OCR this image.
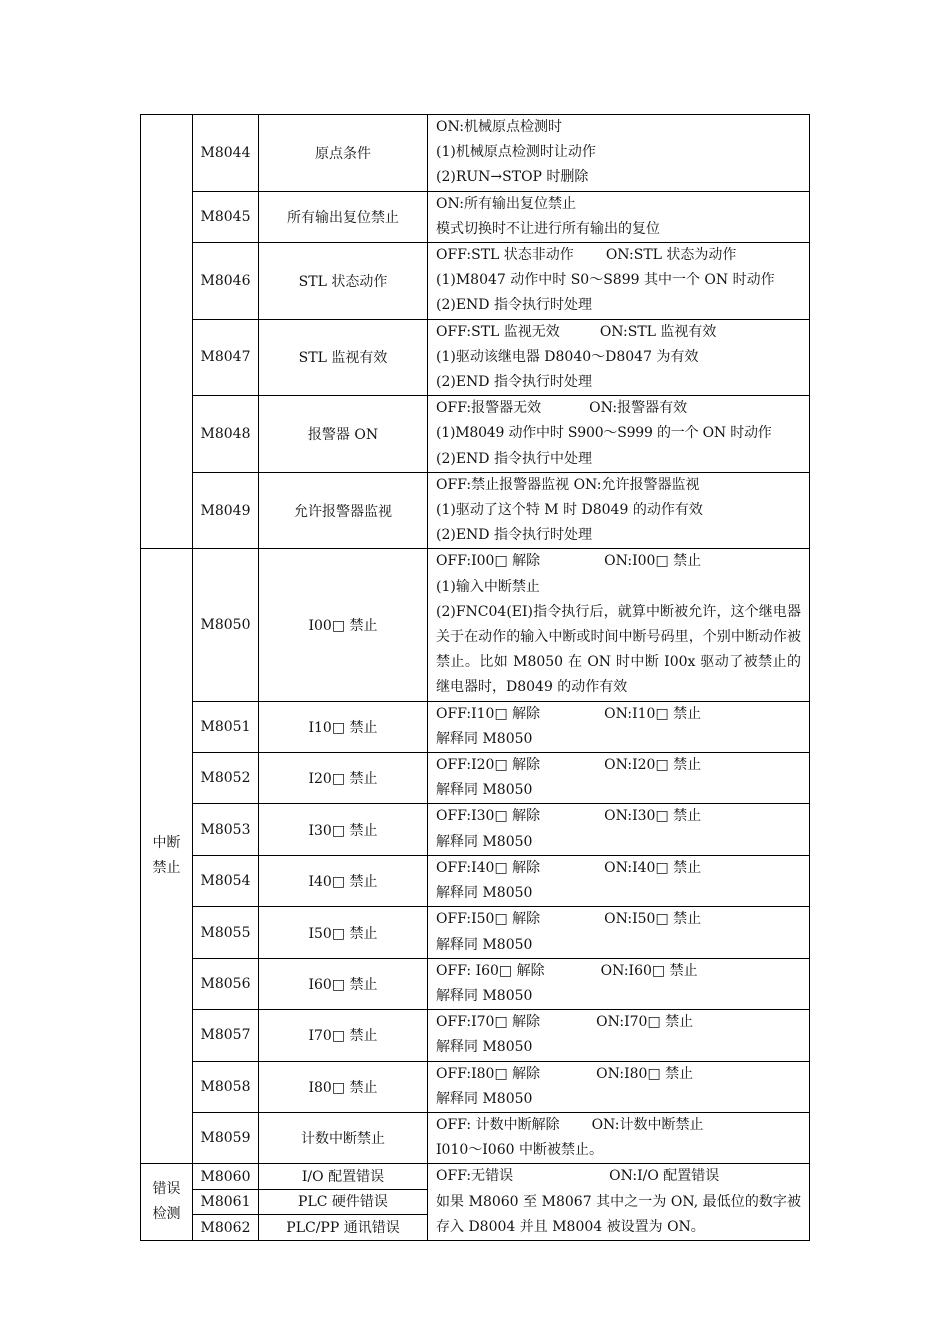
	M8044	原点条件	ON:机械原点检测时
(1)机械原点检测时让动作
(2)RUN→STOP 时删除

	M8045	所有输出复位禁止	ON:所有输出复位禁止
模式切换时不让进行所有输出的复位

	M8046	STL 状态动作	OFF:STL 状态非动作 ON:STL 状态为动作
(1)M8047 动作中时 S0～S899 其中一个 ON 时动作
(2)END 指令执行时处理

	M8047	STL 监视有效	OFF:STL 监视无效 ON:STL 监视有效
(1)驱动该继电器 D8040～D8047 为有效
(2)END 指令执行时处理

	M8048	报警器 ON	OFF:报警器无效 ON:报警器有效
(1)M8049 动作中时 S900～S999 的一个 ON 时动作
(2)END 指令执行中处理

	M8049	允许报警器监视	OFF:禁止报警器监视 ON:允许报警器监视
(1)驱动了这个特 M 时 D8049 的动作有效
(2)END 指令执行时处理

中断
禁止	M8050	I00□ 禁止	OFF:I00□ 解除 ON:I00□ 禁止
(1)输入中断禁止
(2)FNC04(EI)指令执行后，就算中断被允许，这个继电器关于在动作的输入中断或时间中断号码里，个别中断动作被禁止。比如 M8050 在 ON 时中断 I00x 驱动了被禁止的继电器时，D8049 的动作有效

	M8051	I10□ 禁止	OFF:I10□ 解除 ON:I10□ 禁止
解释同 M8050

	M8052	I20□ 禁止	OFF:I20□ 解除 ON:I20□ 禁止
解释同 M8050

	M8053	I30□ 禁止	OFF:I30□ 解除 ON:I30□ 禁止
解释同 M8050

	M8054	I40□ 禁止	OFF:I40□ 解除 ON:I40□ 禁止
解释同 M8050

	M8055	I50□ 禁止	OFF:I50□ 解除 ON:I50□ 禁止
解释同 M8050

	M8056	I60□ 禁止	OFF: I60□ 解除 ON:I60□ 禁止
解释同 M8050

	M8057	I70□ 禁止	OFF:I70□ 解除 ON:I70□ 禁止
解释同 M8050

	M8058	I80□ 禁止	OFF:I80□ 解除 ON:I80□ 禁止
解释同 M8050

	M8059	计数中断禁止	OFF: 计数中断解除 ON:计数中断禁止
I010～I060 中断被禁止。

错误
检测	M8060	I/O 配置错误	OFF:无错误 ON:I/O 配置错误
如果 M8060 至 M8067 其中之一为 ON, 最低位的数字被存入 D8004 并且 M8004 被设置为 ON。

	M8061	PLC 硬件错误	
	M8062	PLC/PP 通讯错误	
